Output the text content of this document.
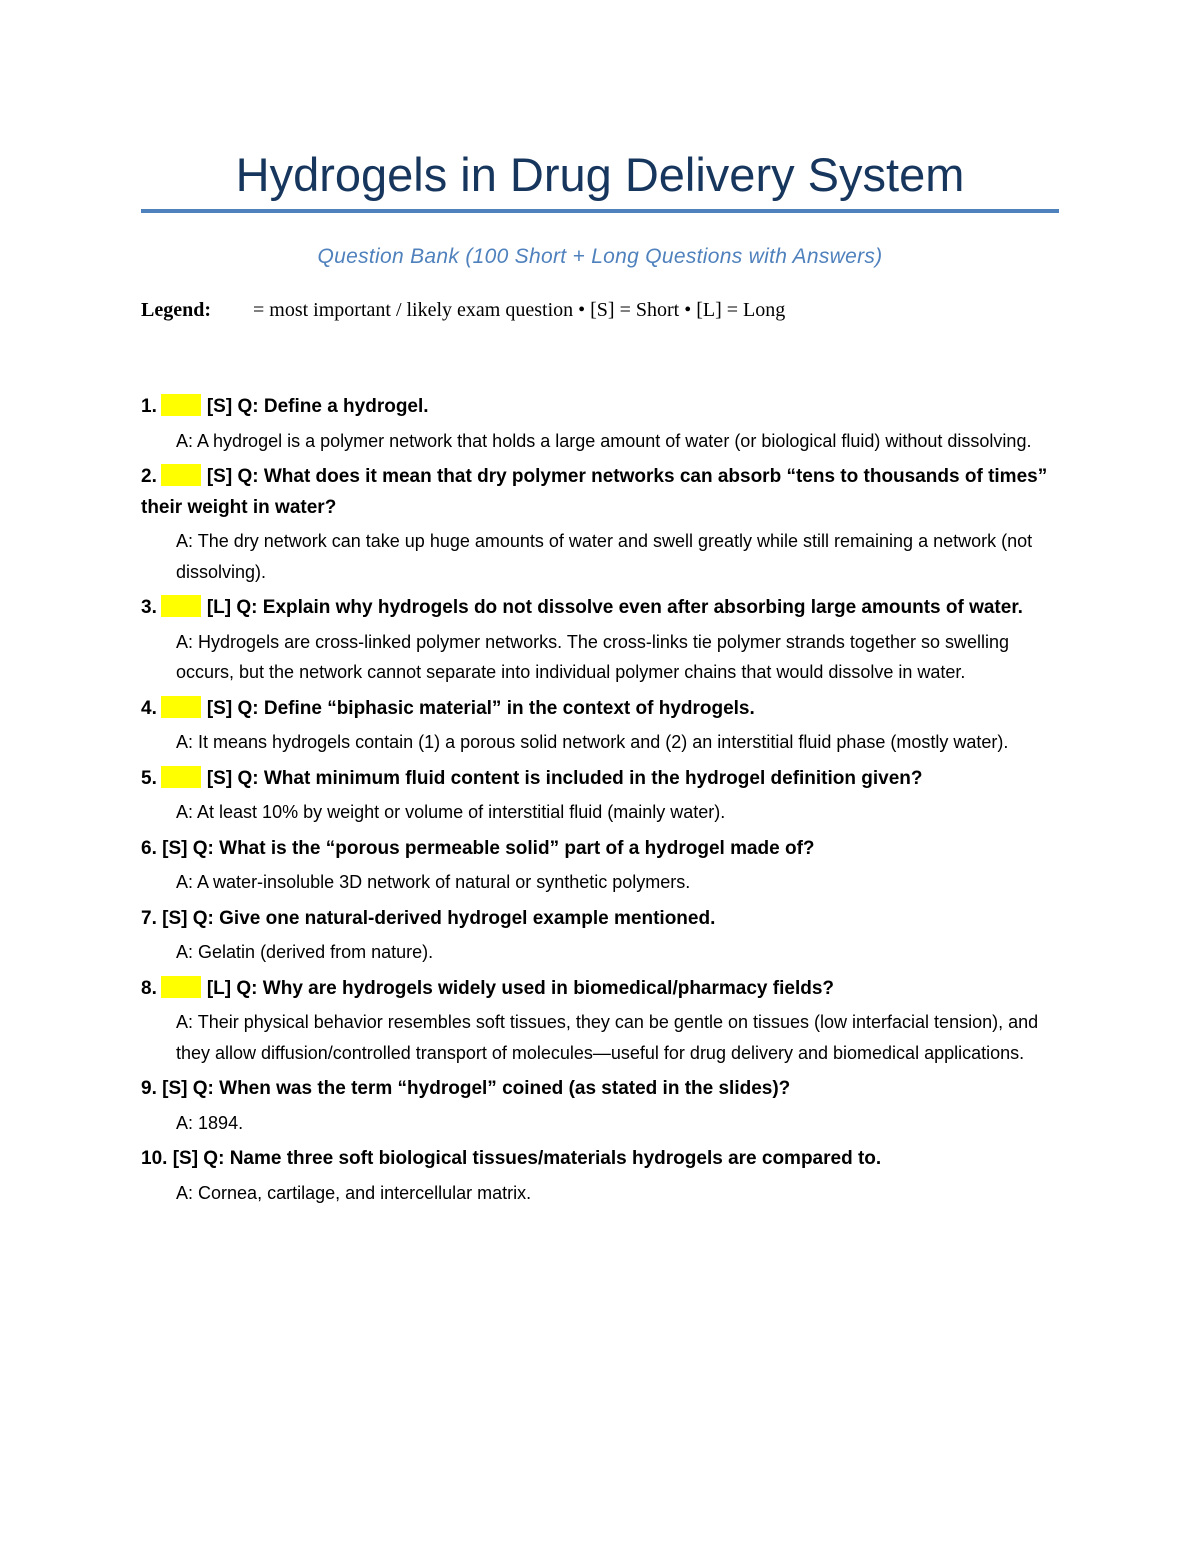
Hydrogels in Drug Delivery System
Question Bank (100 Short + Long Questions with Answers)
Legend: = most important / likely exam question • [S] = Short • [L] = Long

1.	[S] Q: Define a hydrogel.

A: A hydrogel is a polymer network that holds a large amount of water (or biological fluid) without dissolving.

2.	[S] Q: What does it mean that dry polymer networks can absorb “tens to thousands of times” their weight in water?

A: The dry network can take up huge amounts of water and swell greatly while still remaining a network (not dissolving).

3.	[L] Q: Explain why hydrogels do not dissolve even after absorbing large amounts of water.

A: Hydrogels are cross-linked polymer networks. The cross-links tie polymer strands together so swelling occurs, but the network cannot separate into individual polymer chains that would dissolve in water.

4.	[S] Q: Define “biphasic material” in the context of hydrogels.

A: It means hydrogels contain (1) a porous solid network and (2) an interstitial fluid phase (mostly water).

5.	[S] Q: What minimum fluid content is included in the hydrogel definition given?

A: At least 10% by weight or volume of interstitial fluid (mainly water).

6. [S] Q: What is the “porous permeable solid” part of a hydrogel made of?

A: A water-insoluble 3D network of natural or synthetic polymers.

7. [S] Q: Give one natural-derived hydrogel example mentioned.

A: Gelatin (derived from nature).

8.	[L] Q: Why are hydrogels widely used in biomedical/pharmacy fields?

A: Their physical behavior resembles soft tissues, they can be gentle on tissues (low interfacial tension), and they allow diffusion/controlled transport of molecules—useful for drug delivery and biomedical applications.

9. [S] Q: When was the term “hydrogel” coined (as stated in the slides)?

A: 1894.

10. [S] Q: Name three soft biological tissues/materials hydrogels are compared to.

A: Cornea, cartilage, and intercellular matrix.
